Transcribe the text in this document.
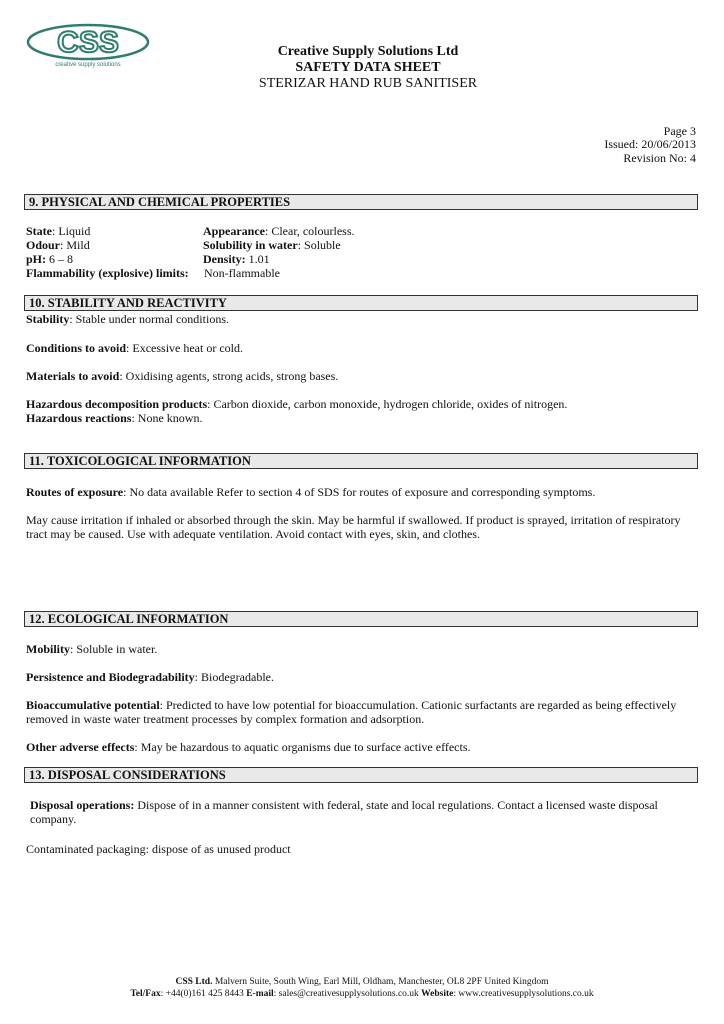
CSS
creative supply solutions
Creative Supply Solutions Ltd
SAFETY DATA SHEET
STERIZAR HAND RUB SANITISER
Page 3
Issued: 20/06/2013
Revision No: 4
9. PHYSICAL AND CHEMICAL PROPERTIES
State: Liquid	Appearance: Clear, colourless.
Odour: Mild	Solubility in water: Soluble
pH: 6 – 8	Density: 1.01
Flammability (explosive) limits:	Non-flammable
10. STABILITY AND REACTIVITY
Stability: Stable under normal conditions.
Conditions to avoid: Excessive heat or cold.
Materials to avoid: Oxidising agents, strong acids, strong bases.
Hazardous decomposition products: Carbon dioxide, carbon monoxide, hydrogen chloride, oxides of nitrogen.
Hazardous reactions: None known.
11. TOXICOLOGICAL INFORMATION
Routes of exposure: No data available Refer to section 4 of SDS for routes of exposure and corresponding symptoms.
May cause irritation if inhaled or absorbed through the skin. May be harmful if swallowed. If product is sprayed, irritation of respiratory tract may be caused. Use with adequate ventilation. Avoid contact with eyes, skin, and clothes.
12. ECOLOGICAL INFORMATION
Mobility: Soluble in water.
Persistence and Biodegradability: Biodegradable.
Bioaccumulative potential: Predicted to have low potential for bioaccumulation. Cationic surfactants are regarded as being effectively removed in waste water treatment processes by complex formation and adsorption.
Other adverse effects: May be hazardous to aquatic organisms due to surface active effects.
13. DISPOSAL CONSIDERATIONS
Disposal operations: Dispose of in a manner consistent with federal, state and local regulations. Contact a licensed waste disposal company.
Contaminated packaging: dispose of as unused product
CSS Ltd. Malvern Suite, South Wing, Earl Mill, Oldham, Manchester, OL8 2PF United Kingdom
Tel/Fax: +44(0)161 425 8443 E-mail: sales@creativesupplysolutions.co.uk Website: www.creativesupplysolutions.co.uk
